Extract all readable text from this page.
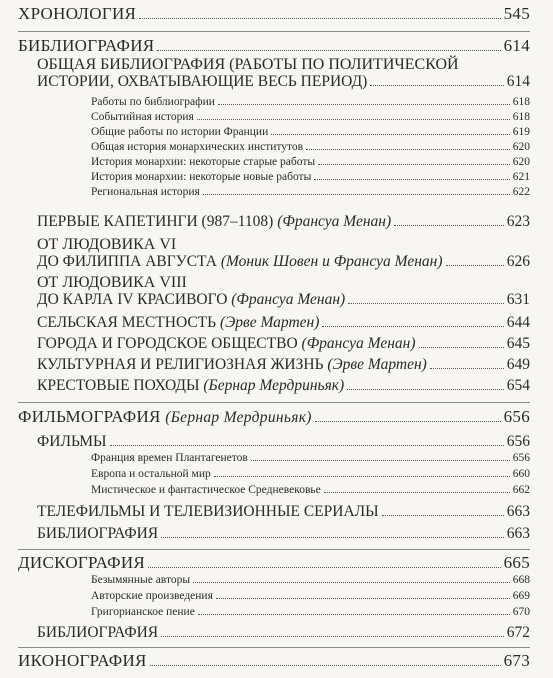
ХРОНОЛОГИЯ	545
БИБЛИОГРАФИЯ	614
ОБЩАЯ БИБЛИОГРАФИЯ (РАБОТЫ ПО ПОЛИТИЧЕСКОЙ
ИСТОРИИ, ОХВАТЫВАЮЩИЕ ВЕСЬ ПЕРИОД)	614
Работы по библиографии	618
Событийная история	618
Общие работы по истории Франции	619
Общая история монархических институтов	620
История монархии: некоторые старые работы	620
История монархии: некоторые новые работы	621
Региональная история	622
ПЕРВЫЕ КАПЕТИНГИ (987–1108) (Франсуа Менан)	623
ОТ ЛЮДОВИКА VI
ДО ФИЛИППА АВГУСТА (Моник Шовен и Франсуа Менан)	626
ОТ ЛЮДОВИКА VIII
ДО КАРЛА IV КРАСИВОГО (Франсуа Менан)	631
СЕЛЬСКАЯ МЕСТНОСТЬ (Эрве Мартен)	644
ГОРОДА И ГОРОДСКОЕ ОБЩЕСТВО (Франсуа Менан)	645
КУЛЬТУРНАЯ И РЕЛИГИОЗНАЯ ЖИЗНЬ (Эрве Мартен)	649
КРЕСТОВЫЕ ПОХОДЫ (Бернар Мердриньяк)	654
ФИЛЬМОГРАФИЯ (Бернар Мердриньяк)	656
ФИЛЬМЫ	656
Франция времен Плантагенетов	656
Европа и остальной мир	660
Мистическое и фантастическое Средневековье	662
ТЕЛЕФИЛЬМЫ И ТЕЛЕВИЗИОННЫЕ СЕРИАЛЫ	663
БИБЛИОГРАФИЯ	663
ДИСКОГРАФИЯ	665
Безымянные авторы	668
Авторские произведения	669
Григорианское пение	670
БИБЛИОГРАФИЯ	672
ИКОНОГРАФИЯ	673
